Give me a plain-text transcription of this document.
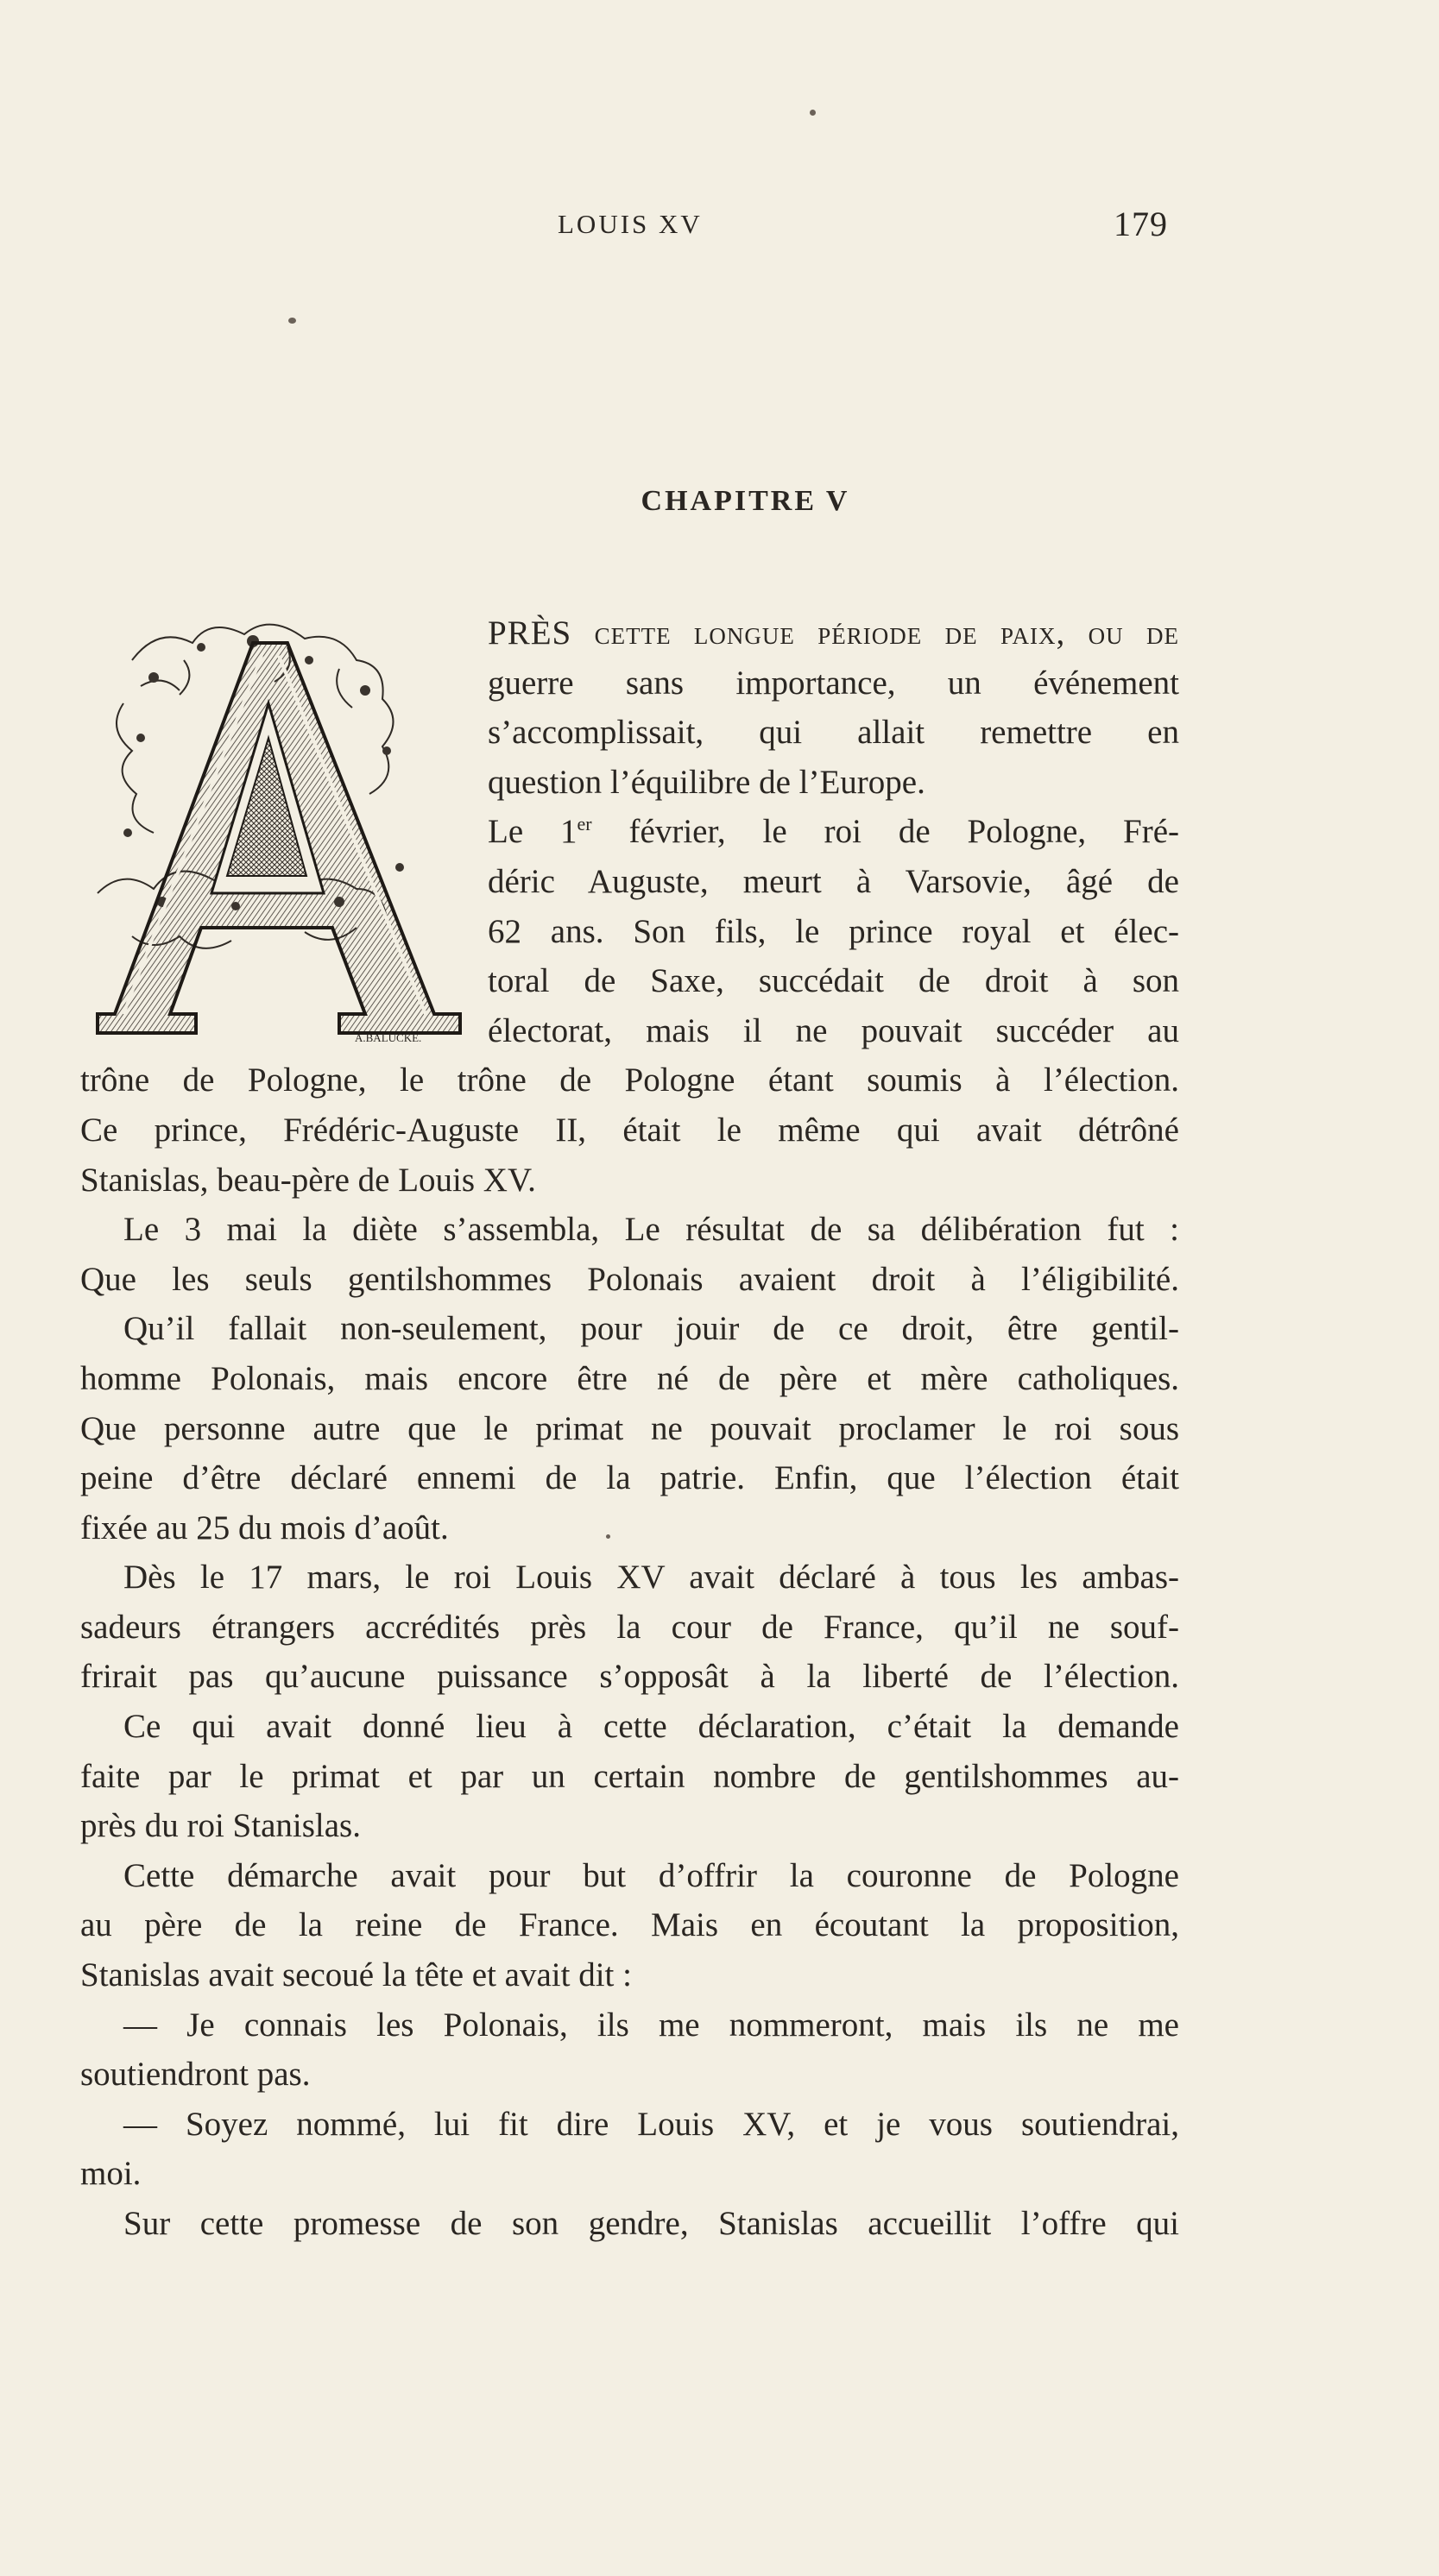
LOUIS XV	179
CHAPITRE V
A.BALUCKE.
PRÈS cette longue période de paix, ou de
guerre sans importance, un événement
s’accomplissait, qui allait remettre en
question l’équilibre de l’Europe.
Le 1er février, le roi de Pologne, Fré-
déric Auguste, meurt à Varsovie, âgé de
62 ans. Son fils, le prince royal et élec-
toral de Saxe, succédait de droit à son
électorat, mais il ne pouvait succéder au
trône de Pologne, le trône de Pologne étant soumis à l’élection.
Ce prince, Frédéric-Auguste II, était le même qui avait détrôné
Stanislas, beau-père de Louis XV.
Le 3 mai la diète s’assembla, Le résultat de sa délibération fut :
Que les seuls gentilshommes Polonais avaient droit à l’éligibilité.
Qu’il fallait non-seulement, pour jouir de ce droit, être gentil-
homme Polonais, mais encore être né de père et mère catholiques.
Que personne autre que le primat ne pouvait proclamer le roi sous
peine d’être déclaré ennemi de la patrie. Enfin, que l’élection était
fixée au 25 du mois d’août.
Dès le 17 mars, le roi Louis XV avait déclaré à tous les ambas-
sadeurs étrangers accrédités près la cour de France, qu’il ne souf-
frirait pas qu’aucune puissance s’opposât à la liberté de l’élection.
Ce qui avait donné lieu à cette déclaration, c’était la demande
faite par le primat et par un certain nombre de gentilshommes au-
près du roi Stanislas.
Cette démarche avait pour but d’offrir la couronne de Pologne
au père de la reine de France. Mais en écoutant la proposition,
Stanislas avait secoué la tête et avait dit :
— Je connais les Polonais, ils me nommeront, mais ils ne me
soutiendront pas.
— Soyez nommé, lui fit dire Louis XV, et je vous soutiendrai,
moi.
Sur cette promesse de son gendre, Stanislas accueillit l’offre qui
